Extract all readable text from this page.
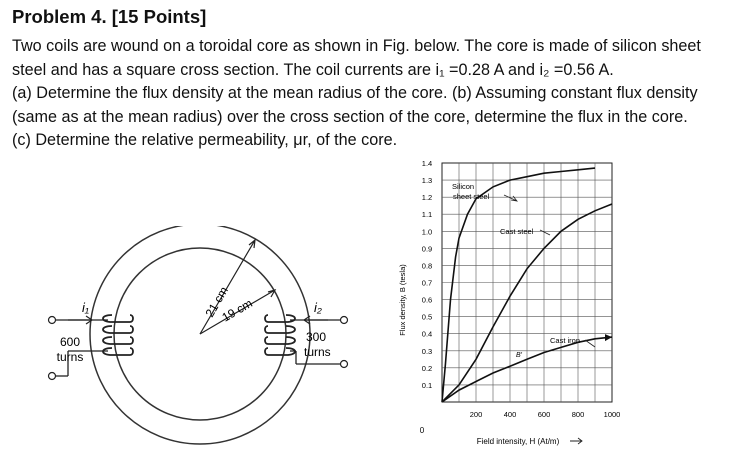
Problem 4. [15 Points]
Two coils are wound on a toroidal core as shown in Fig. below. The core is made of silicon sheet
steel and has a square cross section. The coil currents are i₁ =0.28 A and i₂ =0.56 A.
(a) Determine the flux density at the mean radius of the core. (b) Assuming constant flux density
(same as at the mean radius) over the cross section of the core, determine the flux in the core.
(c) Determine the relative permeability, μr, of the core.
i₁
600
turns
i₂
300
turns
21 cm
19 cm
0.1
0.2
0.3
0.4
0.5
0.6
0.7
0.8
0.9
1.0
1.1
1.2
1.3
1.4
200	400	600	800	1000
0
Field intensity, H (At/m)
Flux density, B (tesla)
Silicon
sheet steel
Cast steel
Cast iron
B′
